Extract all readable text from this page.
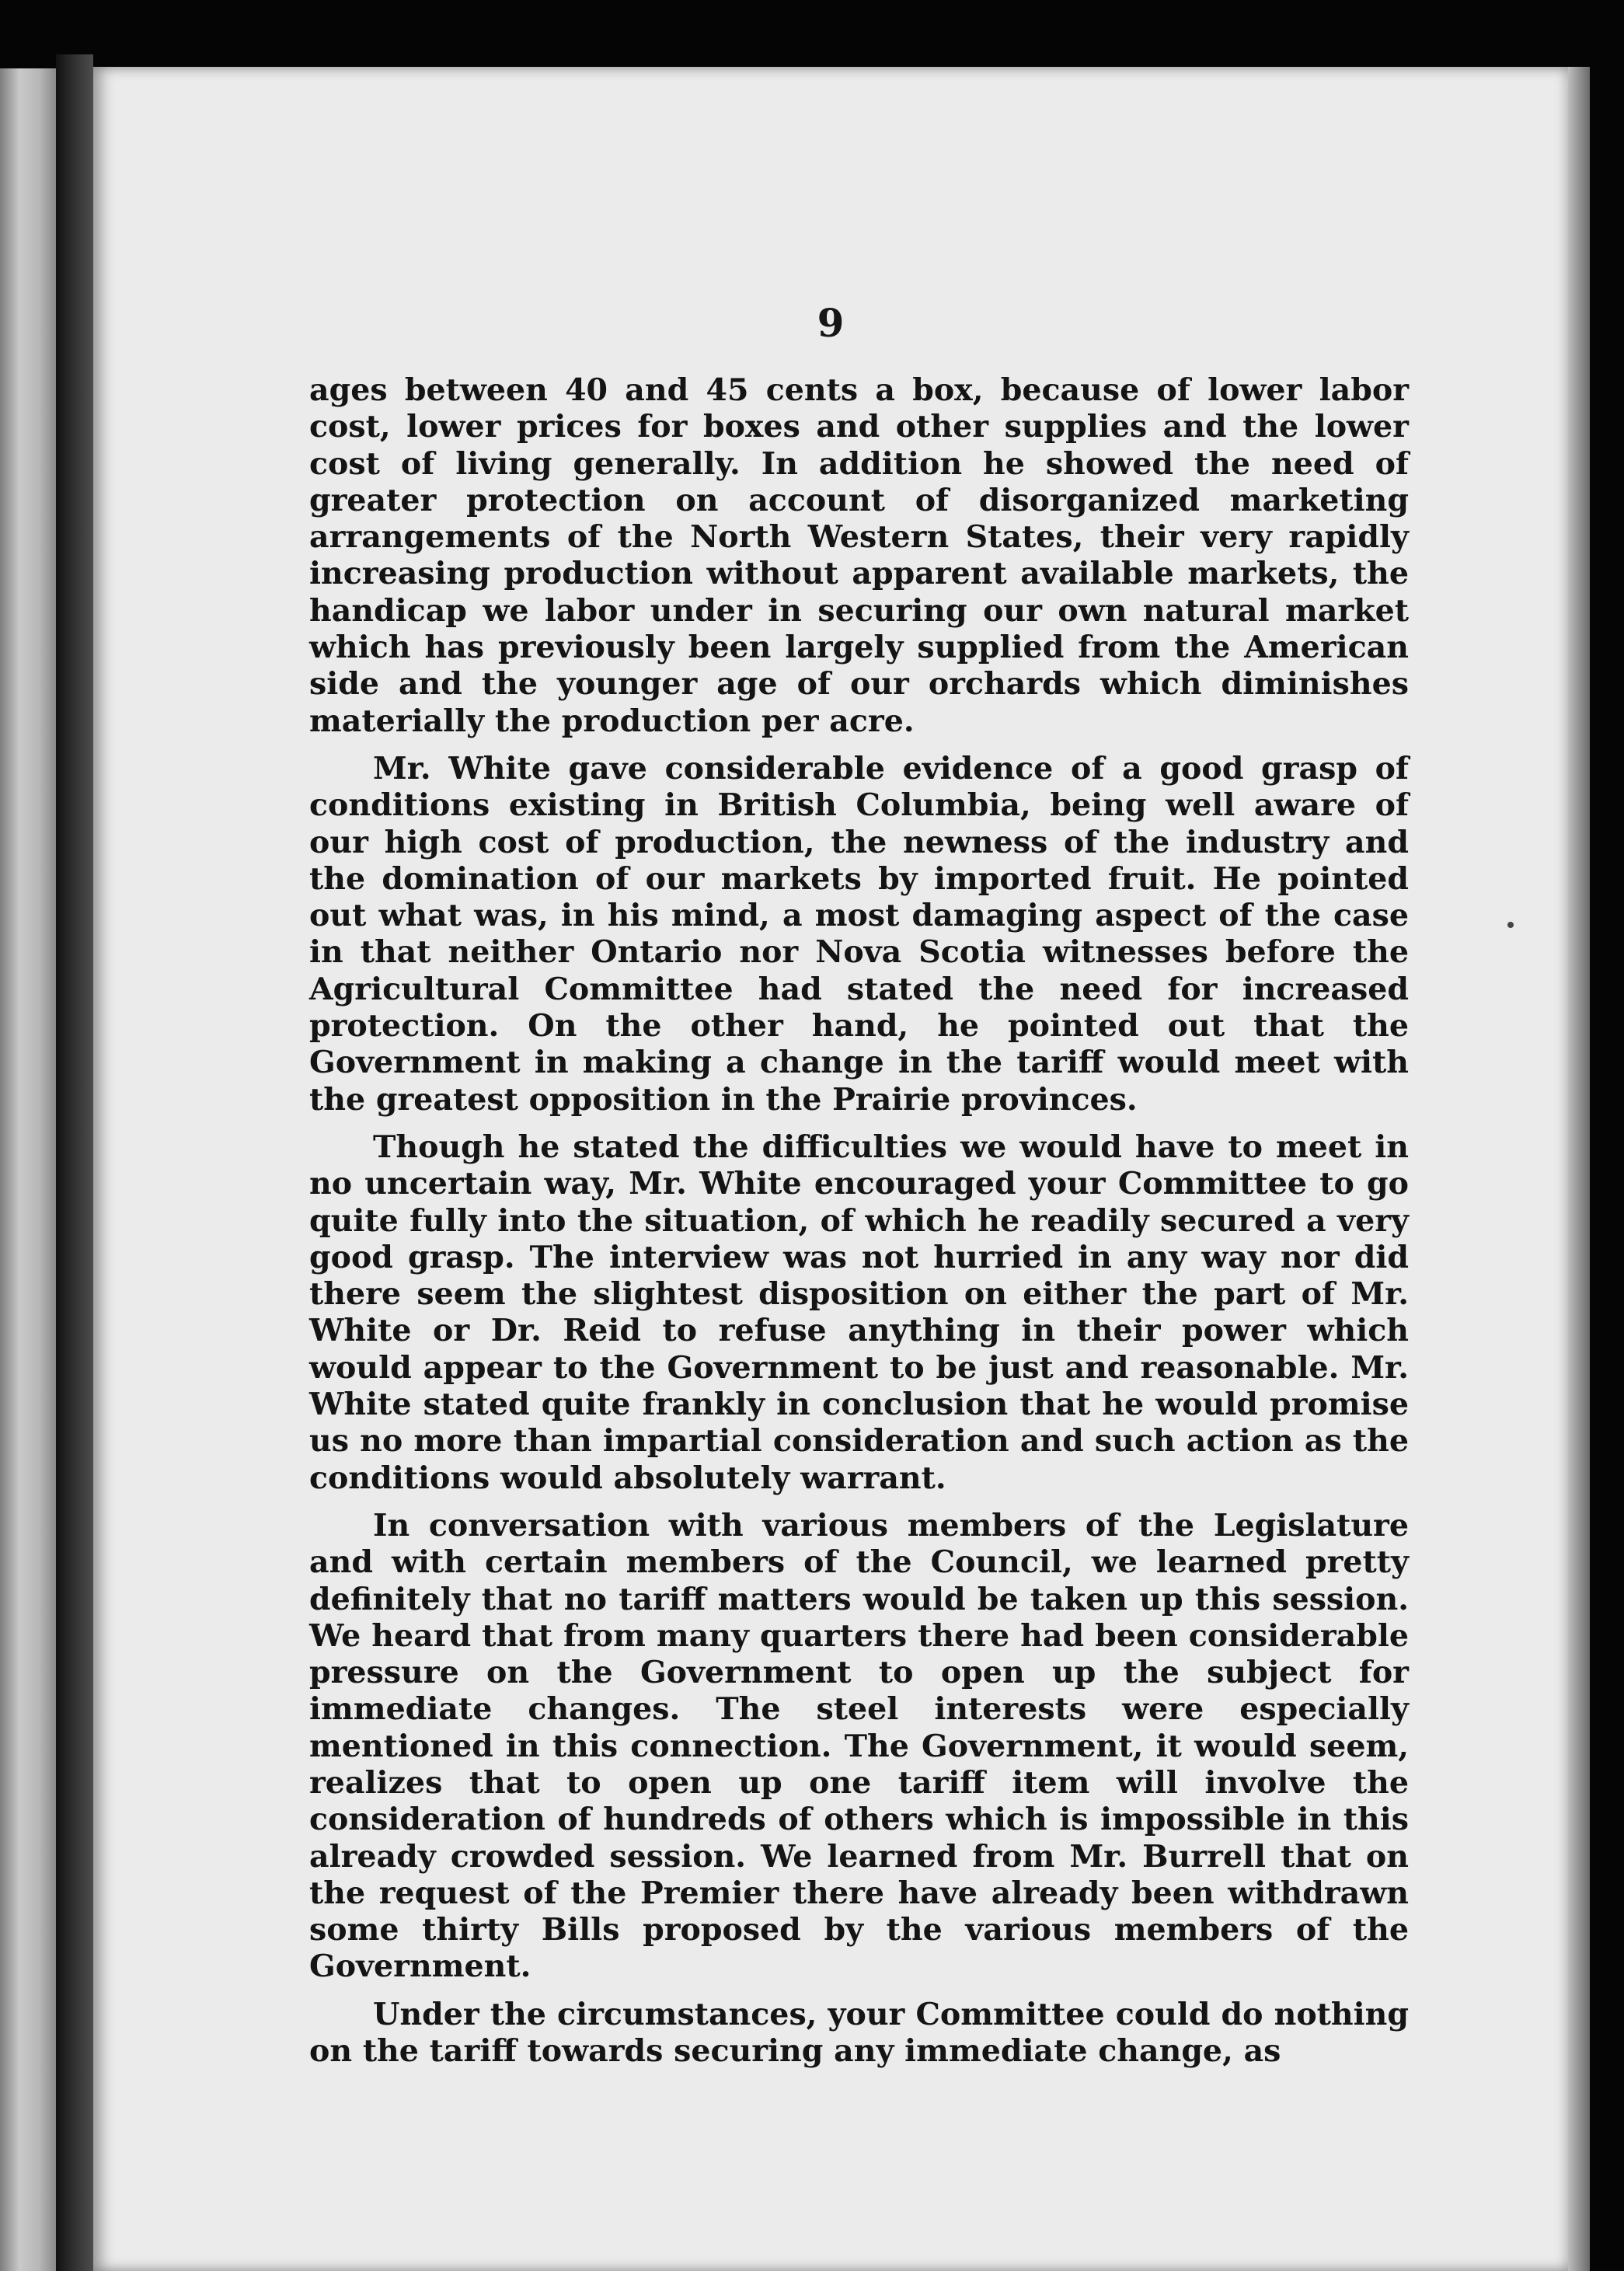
9

ages between 40 and 45 cents a box, because of lower labor cost, lower prices for boxes and other supplies and the lower cost of living generally. In addition he showed the need of greater protection on account of disorganized marketing arrangements of the North Western States, their very rapidly increasing production without apparent available markets, the handicap we labor under in securing our own natural market which has previously been largely supplied from the American side and the younger age of our orchards which diminishes materially the production per acre.

Mr. White gave considerable evidence of a good grasp of conditions existing in British Columbia, being well aware of our high cost of production, the newness of the industry and the domination of our markets by imported fruit. He pointed out what was, in his mind, a most damaging aspect of the case in that neither Ontario nor Nova Scotia witnesses before the Agricultural Committee had stated the need for increased protection. On the other hand, he pointed out that the Government in making a change in the tariff would meet with the greatest opposition in the Prairie provinces.

Though he stated the difficulties we would have to meet in no uncertain way, Mr. White encouraged your Committee to go quite fully into the situation, of which he readily secured a very good grasp. The interview was not hurried in any way nor did there seem the slightest disposition on either the part of Mr. White or Dr. Reid to refuse anything in their power which would appear to the Government to be just and reasonable. Mr. White stated quite frankly in conclusion that he would promise us no more than impartial consideration and such action as the conditions would absolutely warrant.

In conversation with various members of the Legislature and with certain members of the Council, we learned pretty definitely that no tariff matters would be taken up this session. We heard that from many quarters there had been considerable pressure on the Government to open up the subject for immediate changes. The steel interests were especially mentioned in this connection. The Government, it would seem, realizes that to open up one tariff item will involve the consideration of hundreds of others which is impossible in this already crowded session. We learned from Mr. Burrell that on the request of the Premier there have already been withdrawn some thirty Bills proposed by the various members of the Government.

Under the circumstances, your Committee could do nothing on the tariff towards securing any immediate change, as
